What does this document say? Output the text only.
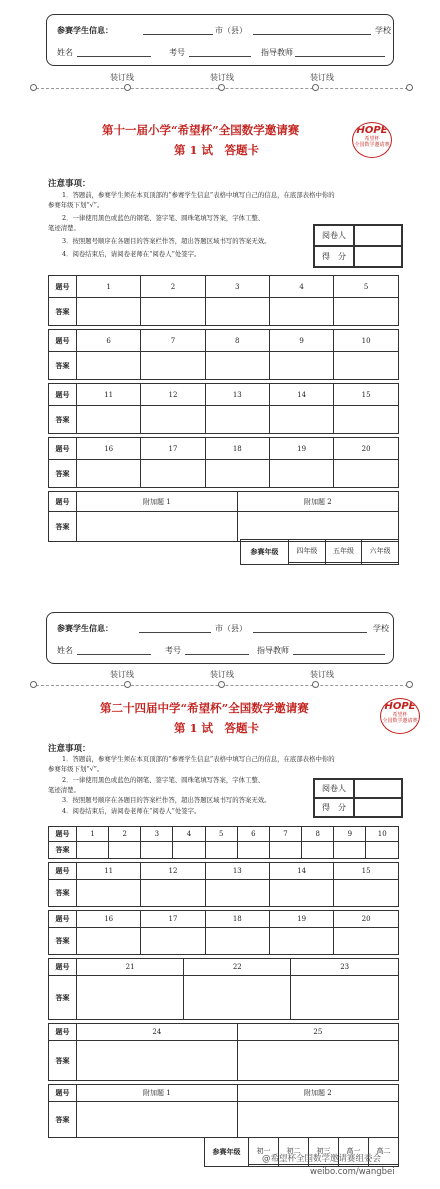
参赛学生信息：	市（县）	学校
姓名	考号	指导教师
装订线	装订线	装订线
第十一届小学“希望杯”全国数学邀请赛
第 1 试　答题卡
HOPE
希望杯
全国数学邀请赛
注意事项：
1．答题前，参赛学生须在本页顶部的“参赛学生信息”表格中填写自己的信息，在底部表格中你的
参赛年级下划“√”。
2．一律使用黑色或蓝色的钢笔、签字笔、圆珠笔填写答案，字体工整、
笔迹清楚。
3．按照题号顺序在各题目的答案栏作答，超出答题区域书写的答案无效。
4．阅卷结束后，请阅卷老师在“阅卷人”处签字。
阅卷人
得　分
题号	1	2	3		4	5
答案						

题号	6	7	8		9	10
答案						

题号	11	12	13		14	15
答案						

题号	16	17	18		19	20
答案						

题号	附加题 1			附加题 2		
答案						
参赛年级	四年级	五年级	六年级

参赛学生信息：	市（县）	学校
姓名	考号	指导教师
装订线	装订线	装订线
第二十四届中学“希望杯”全国数学邀请赛
第 1 试　答题卡
HOPE
希望杯
全国数学邀请赛
注意事项：
1．答题前，参赛学生须在本页顶部的“参赛学生信息”表格中填写自己的信息，在底部表格中你的
参赛年级下划“√”。
2．一律使用黑色或蓝色的钢笔、签字笔、圆珠笔填写答案，字体工整、
笔迹清楚。
3．按照题号顺序在各题目的答案栏作答，超出答题区域书写的答案无效。
4．阅卷结束后，请阅卷老师在“阅卷人”处签字。
阅卷人
得　分
题号	1	2	3	4		5	6	7		8	9	10
答案												

题号	11		12			13		14			15	
答案												

题号	16		17			18		19			20	
答案												

题号	21				22				23			
答案												

题号	24						25					
答案												

题号	附加题 1						附加题 2					
答案												
参赛年级	初一	初二	初三	高一	高二

@希望杯全国数学邀请赛组委会
weibo.com/wangbei
